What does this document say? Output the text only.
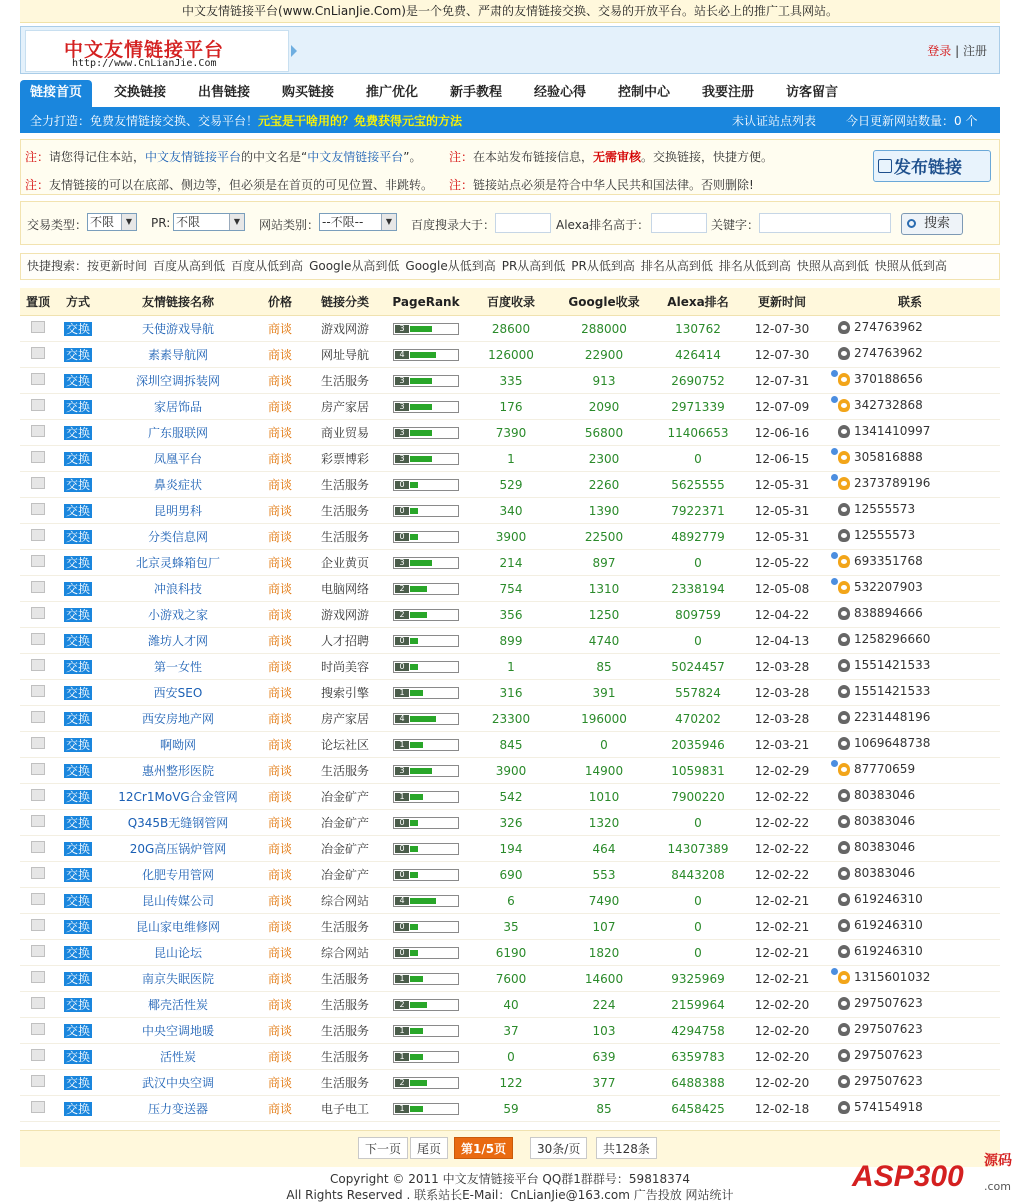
中文友情链接平台(www.CnLianJie.Com)是一个免费、严肃的友情链接交换、交易的开放平台。站长必上的推广工具网站。
中文友情链接平台
http://www.CnLianJie.Com
登录 | 注册
链接首页	交换链接 出售链接 购买链接 推广优化 新手教程 经验心得 控制中心 我要注册 访客留言
全力打造：免费友情链接交换、交易平台！ 元宝是干啥用的？免费获得元宝的方法	未认证站点列表 今日更新网站数量：0 个
注：请您得记住本站，中文友情链接平台的中文名是“中文友情链接平台”。 注：在本站发布链接信息，无需审核。交换链接，快捷方便。
注：友情链接的可以在底部、侧边等，但必须是在首页的可见位置、非跳转。 注：链接站点必须是符合中华人民共和国法律。否则删除!
发布链接
交易类型： 不限	▼	PR: 不限	▼	网站类别： --不限--	▼	百度搜录大于：	Alexa排名高于：	关键字：	搜索
快捷搜索：按更新时间 百度从高到低 百度从低到高 Google从高到低 Google从低到高 PR从高到低 PR从低到高 排名从高到低 排名从低到高 快照从高到低 快照从低到高
置顶	方式	友情链接名称	价格	链接分类	PageRank	百度收录	Google收录	Alexa排名	更新时间	联系
	交换	天使游戏导航	商谈	游戏网游	3	28600	288000	130762	12-07-30	274763962

	交换	素素导航网	商谈	网址导航	4	126000	22900	426414	12-07-30	274763962

	交换	深圳空调拆装网	商谈	生活服务	3	335	913	2690752	12-07-31	370188656

	交换	家居饰品	商谈	房产家居	3	176	2090	2971339	12-07-09	342732868

	交换	广东服联网	商谈	商业贸易	3	7390	56800	11406653	12-06-16	1341410997

	交换	凤凰平台	商谈	彩票博彩	3	1	2300	0	12-06-15	305816888

	交换	鼻炎症状	商谈	生活服务	0	529	2260	5625555	12-05-31	2373789196

	交换	昆明男科	商谈	生活服务	0	340	1390	7922371	12-05-31	12555573

	交换	分类信息网	商谈	生活服务	0	3900	22500	4892779	12-05-31	12555573

	交换	北京灵蜂箱包厂	商谈	企业黄页	3	214	897	0	12-05-22	693351768

	交换	冲浪科技	商谈	电脑网络	2	754	1310	2338194	12-05-08	532207903

	交换	小游戏之家	商谈	游戏网游	2	356	1250	809759	12-04-22	838894666

	交换	潍坊人才网	商谈	人才招聘	0	899	4740	0	12-04-13	1258296660

	交换	第一女性	商谈	时尚美容	0	1	85	5024457	12-03-28	1551421533

	交换	西安SEO	商谈	搜索引擎	1	316	391	557824	12-03-28	1551421533

	交换	西安房地产网	商谈	房产家居	4	23300	196000	470202	12-03-28	2231448196

	交换	啊呦网	商谈	论坛社区	1	845	0	2035946	12-03-21	1069648738

	交换	惠州整形医院	商谈	生活服务	3	3900	14900	1059831	12-02-29	87770659

	交换	12Cr1MoVG合金管网	商谈	冶金矿产	1	542	1010	7900220	12-02-22	80383046

	交换	Q345B无缝钢管网	商谈	冶金矿产	0	326	1320	0	12-02-22	80383046

	交换	20G高压锅炉管网	商谈	冶金矿产	0	194	464	14307389	12-02-22	80383046

	交换	化肥专用管网	商谈	冶金矿产	0	690	553	8443208	12-02-22	80383046

	交换	昆山传媒公司	商谈	综合网站	4	6	7490	0	12-02-21	619246310

	交换	昆山家电维修网	商谈	生活服务	0	35	107	0	12-02-21	619246310

	交换	昆山论坛	商谈	综合网站	0	6190	1820	0	12-02-21	619246310

	交换	南京失眠医院	商谈	生活服务	1	7600	14600	9325969	12-02-21	1315601032

	交换	椰壳活性炭	商谈	生活服务	2	40	224	2159964	12-02-20	297507623

	交换	中央空调地暖	商谈	生活服务	1	37	103	4294758	12-02-20	297507623

	交换	活性炭	商谈	生活服务	1	0	639	6359783	12-02-20	297507623

	交换	武汉中央空调	商谈	生活服务	2	122	377	6488388	12-02-20	297507623

	交换	压力变送器	商谈	电子电工	1	59	85	6458425	12-02-18	574154918
下一页	尾页	第1/5页	30条/页	共128条
Copyright © 2011 中文友情链接平台 QQ群1群群号：59818374
All Rights Reserved . 联系站长E-Mail：CnLianJie@163.com 广告投放 网站统计
ASP300 源码
.com
